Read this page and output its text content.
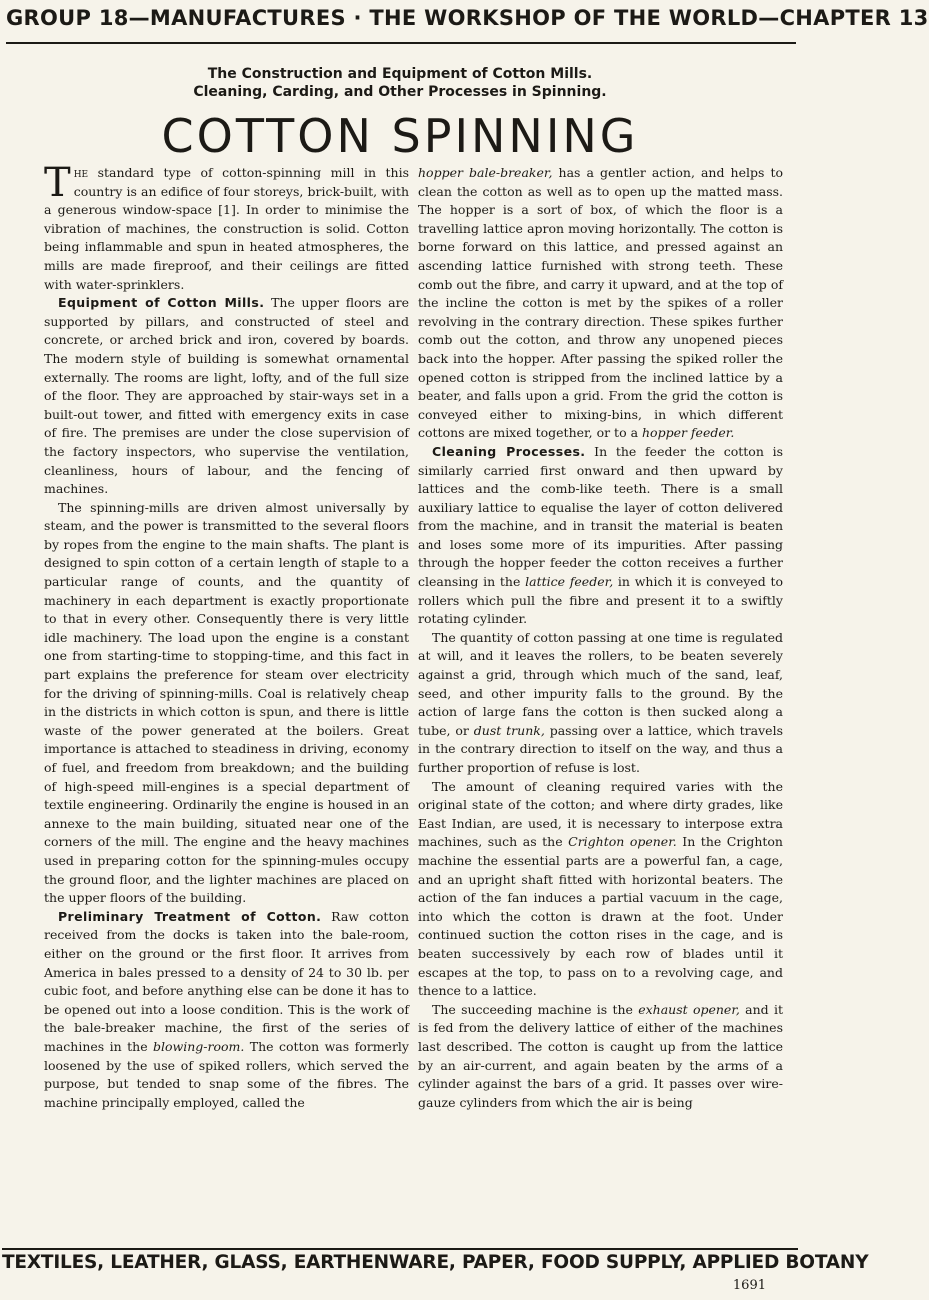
GROUP 18—MANUFACTURES · THE WORKSHOP OF THE WORLD—CHAPTER 13
The Construction and Equipment of Cotton Mills.
Cleaning, Carding, and Other Processes in Spinning.
COTTON SPINNING

The standard type of cotton-spinning mill in this country is an edifice of four storeys, brick-built, with a generous window-space [1]. In order to minimise the vibration of machines, the construction is solid. Cotton being inflammable and spun in heated atmospheres, the mills are made fireproof, and their ceilings are fitted with water-sprinklers.

Equipment of Cotton Mills. The upper floors are supported by pillars, and constructed of steel and concrete, or arched brick and iron, covered by boards. The modern style of building is somewhat ornamental externally. The rooms are light, lofty, and of the full size of the floor. They are approached by stair-ways set in a built-out tower, and fitted with emergency exits in case of fire. The premises are under the close supervision of the factory inspectors, who supervise the ventilation, cleanliness, hours of labour, and the fencing of machines.

The spinning-mills are driven almost universally by steam, and the power is transmitted to the several floors by ropes from the engine to the main shafts. The plant is designed to spin cotton of a certain length of staple to a particular range of counts, and the quantity of machinery in each department is exactly proportionate to that in every other. Consequently there is very little idle machinery. The load upon the engine is a constant one from starting-time to stopping-time, and this fact in part explains the preference for steam over electricity for the driving of spinning-mills. Coal is relatively cheap in the districts in which cotton is spun, and there is little waste of the power generated at the boilers. Great importance is attached to steadiness in driving, economy of fuel, and freedom from breakdown; and the building of high-speed mill-engines is a special department of textile engineering. Ordinarily the engine is housed in an annexe to the main building, situated near one of the corners of the mill. The engine and the heavy machines used in preparing cotton for the spinning-mules occupy the ground floor, and the lighter machines are placed on the upper floors of the building.

Preliminary Treatment of Cotton. Raw cotton received from the docks is taken into the bale-room, either on the ground or the first floor. It arrives from America in bales pressed to a density of 24 to 30 lb. per cubic foot, and before anything else can be done it has to be opened out into a loose condition. This is the work of the bale-breaker machine, the first of the series of machines in the blowing-room. The cotton was formerly loosened by the use of spiked rollers, which served the purpose, but tended to snap some of the fibres. The machine principally employed, called the

hopper bale-breaker, has a gentler action, and helps to clean the cotton as well as to open up the matted mass. The hopper is a sort of box, of which the floor is a travelling lattice apron moving horizontally. The cotton is borne forward on this lattice, and pressed against an ascending lattice furnished with strong teeth. These comb out the fibre, and carry it upward, and at the top of the incline the cotton is met by the spikes of a roller revolving in the contrary direction. These spikes further comb out the cotton, and throw any unopened pieces back into the hopper. After passing the spiked roller the opened cotton is stripped from the inclined lattice by a beater, and falls upon a grid. From the grid the cotton is conveyed either to mixing-bins, in which different cottons are mixed together, or to a hopper feeder.

Cleaning Processes. In the feeder the cotton is similarly carried first onward and then upward by lattices and the comb-like teeth. There is a small auxiliary lattice to equalise the layer of cotton delivered from the machine, and in transit the material is beaten and loses some more of its impurities. After passing through the hopper feeder the cotton receives a further cleansing in the lattice feeder, in which it is conveyed to rollers which pull the fibre and present it to a swiftly rotating cylinder.

The quantity of cotton passing at one time is regulated at will, and it leaves the rollers, to be beaten severely against a grid, through which much of the sand, leaf, seed, and other impurity falls to the ground. By the action of large fans the cotton is then sucked along a tube, or dust trunk, passing over a lattice, which travels in the contrary direction to itself on the way, and thus a further proportion of refuse is lost.

The amount of cleaning required varies with the original state of the cotton; and where dirty grades, like East Indian, are used, it is necessary to interpose extra machines, such as the Crighton opener. In the Crighton machine the essential parts are a powerful fan, a cage, and an upright shaft fitted with horizontal beaters. The action of the fan induces a partial vacuum in the cage, into which the cotton is drawn at the foot. Under continued suction the cotton rises in the cage, and is beaten successively by each row of blades until it escapes at the top, to pass on to a revolving cage, and thence to a lattice.

The succeeding machine is the exhaust opener, and it is fed from the delivery lattice of either of the machines last described. The cotton is caught up from the lattice by an air-current, and again beaten by the arms of a cylinder against the bars of a grid. It passes over wire-gauze cylinders from which the air is being

TEXTILES, LEATHER, GLASS, EARTHENWARE, PAPER, FOOD SUPPLY, APPLIED BOTANY
1691
